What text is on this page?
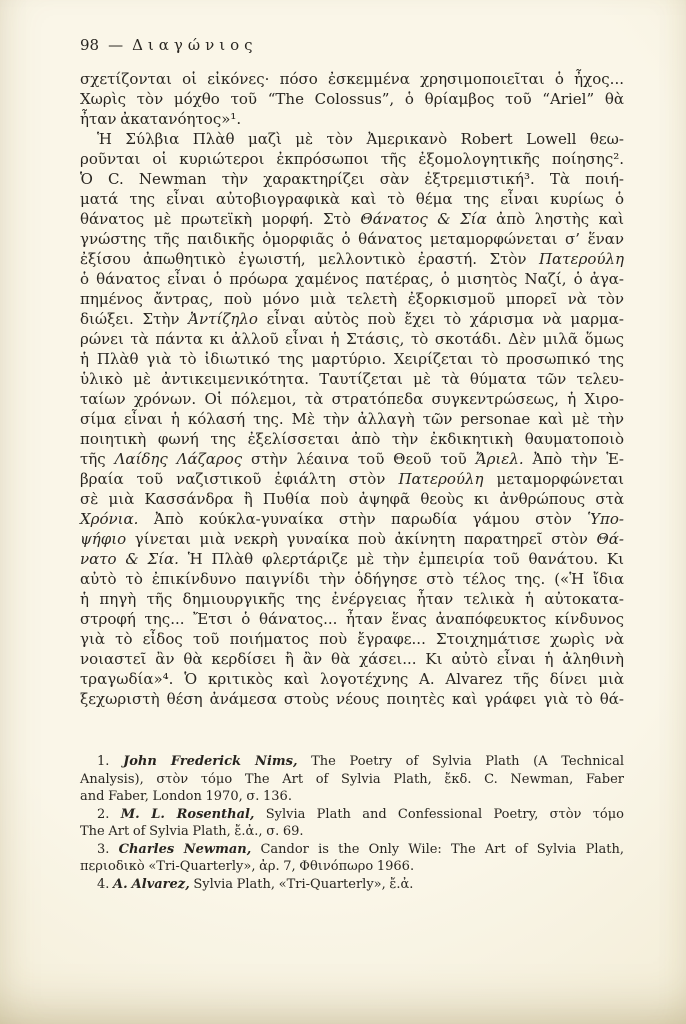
98 — Διαγώνιος
σχετίζονται οἱ εἰκόνες· πόσο ἐσκεμμένα χρησιμοποιεῖται ὁ ἦχος...
Χωρὶς τὸν μόχθο τοῦ “The Colossus”, ὁ θρίαμβος τοῦ “Ariel” θὰ
ἦταν ἀκατανόητος»¹.
Ἡ Σύλβια Πλὰθ μαζὶ μὲ τὸν Ἀμερικανὸ Robert Lowell θεω-
ροῦνται οἱ κυριώτεροι ἐκπρόσωποι τῆς ἐξομολογητικῆς ποίησης².
Ὁ C. Newman τὴν χαρακτηρίζει σὰν ἐξτρεμιστική³. Τὰ ποιή-
ματά της εἶναι αὐτοβιογραφικὰ καὶ τὸ θέμα της εἶναι κυρίως ὁ
θάνατος μὲ πρωτεϊκὴ μορφή. Στὸ Θάνατος & Σία ἀπὸ ληστὴς καὶ
γνώστης τῆς παιδικῆς ὁμορφιᾶς ὁ θάνατος μεταμορφώνεται σ’ ἕναν
ἐξίσου ἀπωθητικὸ ἐγωιστή, μελλοντικὸ ἐραστή. Στὸν Πατερούλη
ὁ θάνατος εἶναι ὁ πρόωρα χαμένος πατέρας, ὁ μισητὸς Ναζί, ὁ ἀγα-
πημένος ἄντρας, ποὺ μόνο μιὰ τελετὴ ἐξορκισμοῦ μπορεῖ νὰ τὸν
διώξει. Στὴν Ἀντίζηλο εἶναι αὐτὸς ποὺ ἔχει τὸ χάρισμα νὰ μαρμα-
ρώνει τὰ πάντα κι ἀλλοῦ εἶναι ἡ Στάσις, τὸ σκοτάδι. Δὲν μιλᾶ ὅμως
ἡ Πλὰθ γιὰ τὸ ἰδιωτικό της μαρτύριο. Χειρίζεται τὸ προσωπικό της
ὑλικὸ μὲ ἀντικειμενικότητα. Ταυτίζεται μὲ τὰ θύματα τῶν τελευ-
ταίων χρόνων. Οἱ πόλεμοι, τὰ στρατόπεδα συγκεντρώσεως, ἡ Χιρο-
σίμα εἶναι ἡ κόλασή της. Μὲ τὴν ἀλλαγὴ τῶν personae καὶ μὲ τὴν
ποιητικὴ φωνή της ἐξελίσσεται ἀπὸ τὴν ἐκδικητικὴ θαυματοποιὸ
τῆς Λαίδης Λάζαρος στὴν λέαινα τοῦ Θεοῦ τοῦ Ἄριελ. Ἀπὸ τὴν Ἑ-
βραία τοῦ ναζιστικοῦ ἐφιάλτη στὸν Πατερούλη μεταμορφώνεται
σὲ μιὰ Κασσάνδρα ἢ Πυθία ποὺ ἀψηφᾶ θεοὺς κι ἀνθρώπους στὰ
Χρόνια. Ἀπὸ κούκλα-γυναίκα στὴν παρωδία γάμου στὸν Ὑπο-
ψήφιο γίνεται μιὰ νεκρὴ γυναίκα ποὺ ἀκίνητη παρατηρεῖ στὸν Θά-
νατο & Σία. Ἡ Πλὰθ φλερτάριζε μὲ τὴν ἐμπειρία τοῦ θανάτου. Κι
αὐτὸ τὸ ἐπικίνδυνο παιγνίδι τὴν ὁδήγησε στὸ τέλος της. («Ἡ ἴδια
ἡ πηγὴ τῆς δημιουργικῆς της ἐνέργειας ἦταν τελικὰ ἡ αὐτοκατα-
στροφή της... Ἔτσι ὁ θάνατος... ἦταν ἕνας ἀναπόφευκτος κίνδυνος
γιὰ τὸ εἶδος τοῦ ποιήματος ποὺ ἔγραφε... Στοιχημάτισε χωρὶς νὰ
νοιαστεῖ ἂν θὰ κερδίσει ἢ ἂν θὰ χάσει... Κι αὐτὸ εἶναι ἡ ἀληθινὴ
τραγωδία»⁴. Ὁ κριτικὸς καὶ λογοτέχνης Α. Alvarez τῆς δίνει μιὰ
ξεχωριστὴ θέση ἀνάμεσα στοὺς νέους ποιητὲς καὶ γράφει γιὰ τὸ θά-
1. John Frederick Nims, The Poetry of Sylvia Plath (A Technical
Analysis), στὸν τόμο The Art of Sylvia Plath, ἔκδ. C. Newman, Faber
and Faber, London 1970, σ. 136.
2. M. L. Rosenthal, Sylvia Plath and Confessional Poetry, στὸν τόμο
The Art of Sylvia Plath, ἔ.ἀ., σ. 69.
3. Charles Newman, Candor is the Only Wile: The Art of Sylvia Plath,
περιοδικὸ «Tri-Quarterly», ἀρ. 7, Φθινόπωρο 1966.
4. A. Alvarez, Sylvia Plath, «Tri-Quarterly», ἔ.ἀ.
